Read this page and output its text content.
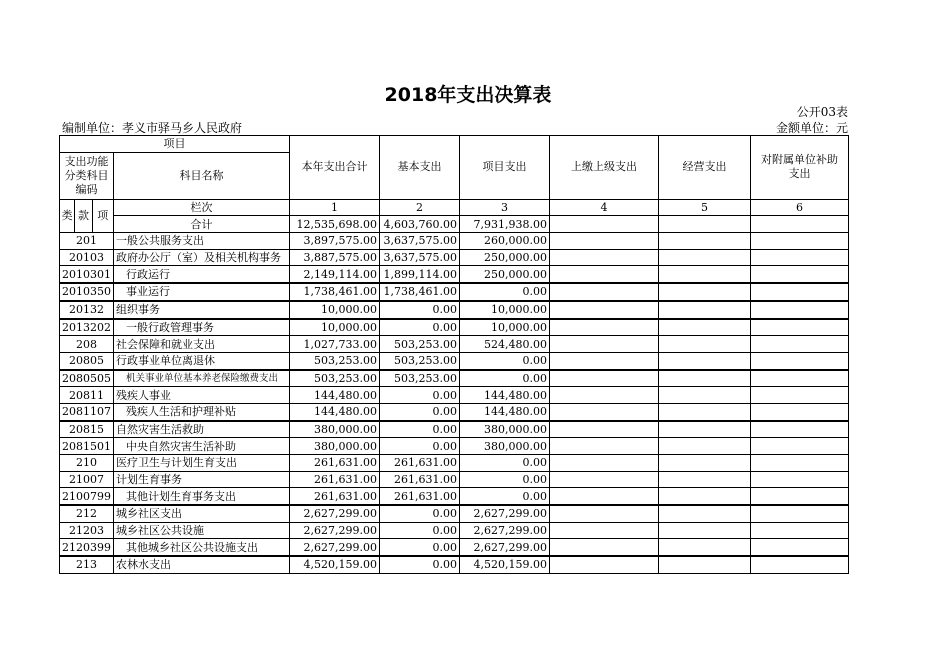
2018年支出决算表
公开03表
编制单位：孝义市驿马乡人民政府	金额单位：元
项目				本年支出合计	基本支出	项目支出	上缴上级支出	经营支出	对附属单位补助支出
支出功能分类科目编码			科目名称						

类	款	项	栏次	1	2	3	4	5	6
			合计	12,535,698.00	4,603,760.00	7,931,938.00			
201			一般公共服务支出	3,897,575.00	3,637,575.00	260,000.00			
20103			政府办公厅（室）及相关机构事务	3,887,575.00	3,637,575.00	250,000.00			
2010301			行政运行	2,149,114.00	1,899,114.00	250,000.00			
2010350			事业运行	1,738,461.00	1,738,461.00	0.00			
20132			组织事务	10,000.00	0.00	10,000.00			
2013202			一般行政管理事务	10,000.00	0.00	10,000.00			
208			社会保障和就业支出	1,027,733.00	503,253.00	524,480.00			
20805			行政事业单位离退休	503,253.00	503,253.00	0.00			
2080505			机关事业单位基本养老保险缴费支出	503,253.00	503,253.00	0.00			
20811			残疾人事业	144,480.00	0.00	144,480.00			
2081107			残疾人生活和护理补贴	144,480.00	0.00	144,480.00			
20815			自然灾害生活救助	380,000.00	0.00	380,000.00			
2081501			中央自然灾害生活补助	380,000.00	0.00	380,000.00			
210			医疗卫生与计划生育支出	261,631.00	261,631.00	0.00			
21007			计划生育事务	261,631.00	261,631.00	0.00			
2100799			其他计划生育事务支出	261,631.00	261,631.00	0.00			
212			城乡社区支出	2,627,299.00	0.00	2,627,299.00			
21203			城乡社区公共设施	2,627,299.00	0.00	2,627,299.00			
2120399			其他城乡社区公共设施支出	2,627,299.00	0.00	2,627,299.00			
213			农林水支出	4,520,159.00	0.00	4,520,159.00			
